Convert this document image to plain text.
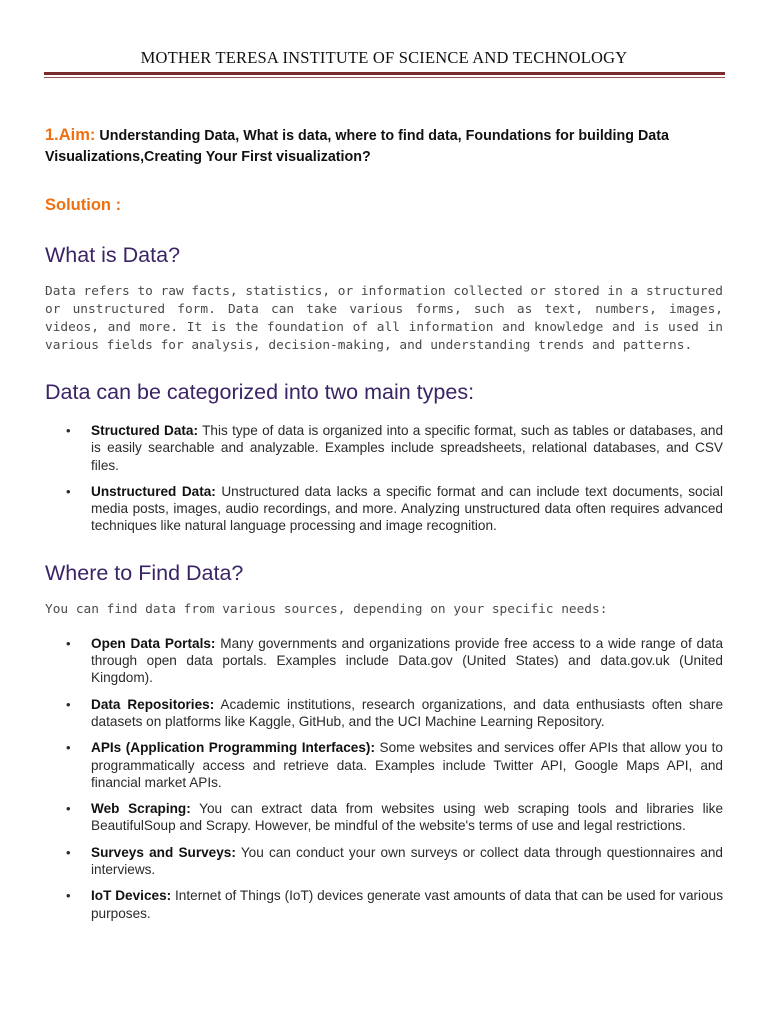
MOTHER TERESA INSTITUTE OF SCIENCE AND TECHNOLOGY

1.Aim: Understanding Data, What is data, where to find data, Foundations for building Data Visualizations,Creating Your First visualization?

Solution :

What is Data?

Data refers to raw facts, statistics, or information collected or stored in a structured or unstructured form. Data can take various forms, such as text, numbers, images, videos, and more. It is the foundation of all information and knowledge and is used in various fields for analysis, decision-making, and understanding trends and patterns.

Data can be categorized into two main types:
• Structured Data: This type of data is organized into a specific format, such as tables or databases, and is easily searchable and analyzable. Examples include spreadsheets, relational databases, and CSV files.
• Unstructured Data: Unstructured data lacks a specific format and can include text documents, social media posts, images, audio recordings, and more. Analyzing unstructured data often requires advanced techniques like natural language processing and image recognition.
Where to Find Data?

You can find data from various sources, depending on your specific needs:

• Open Data Portals: Many governments and organizations provide free access to a wide range of data through open data portals. Examples include Data.gov (United States) and data.gov.uk (United Kingdom).
• Data Repositories: Academic institutions, research organizations, and data enthusiasts often share datasets on platforms like Kaggle, GitHub, and the UCI Machine Learning Repository.
• APIs (Application Programming Interfaces): Some websites and services offer APIs that allow you to programmatically access and retrieve data. Examples include Twitter API, Google Maps API, and financial market APIs.
• Web Scraping: You can extract data from websites using web scraping tools and libraries like BeautifulSoup and Scrapy. However, be mindful of the website's terms of use and legal restrictions.
• Surveys and Surveys: You can conduct your own surveys or collect data through questionnaires and interviews.
• IoT Devices: Internet of Things (IoT) devices generate vast amounts of data that can be used for various purposes.
